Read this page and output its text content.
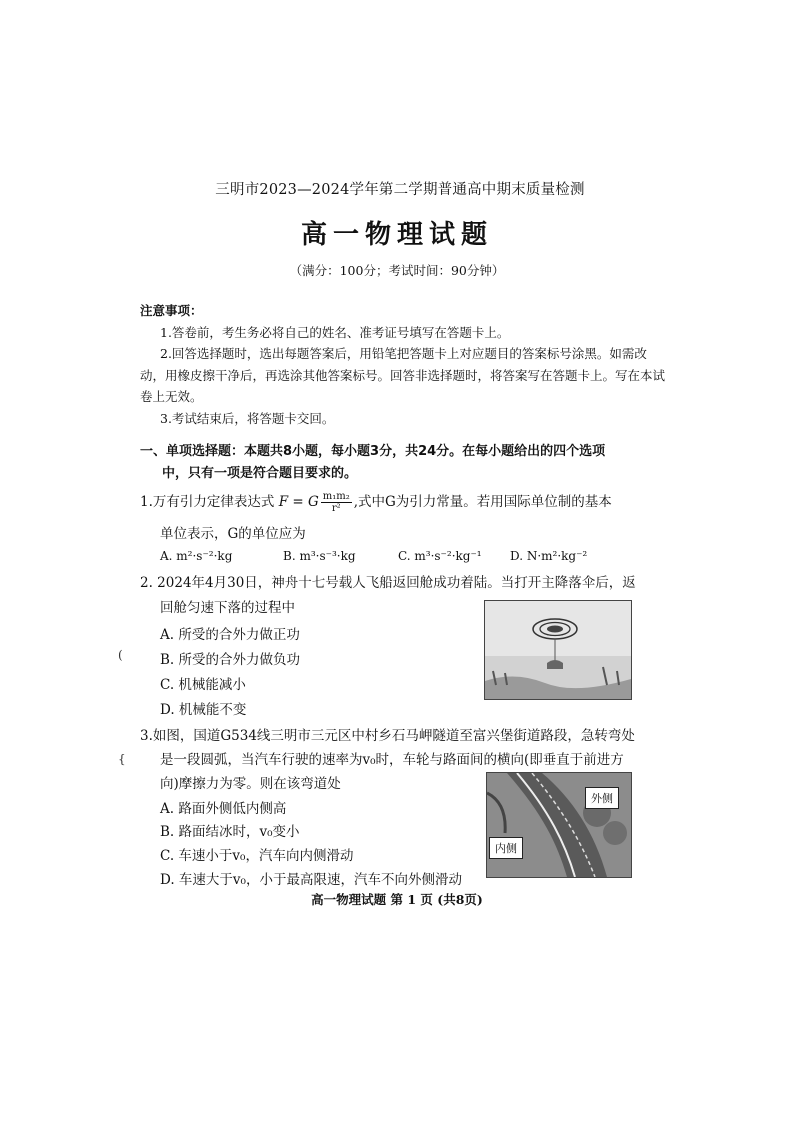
三明市2023—2024学年第二学期普通高中期末质量检测
高一物理试题
（满分：100分；考试时间：90分钟）
注意事项：

1.答卷前，考生务必将自己的姓名、准考证号填写在答题卡上。

2.回答选择题时，选出每题答案后，用铅笔把答题卡上对应题目的答案标号涂黑。如需改动，用橡皮擦干净后，再选涂其他答案标号。回答非选择题时，将答案写在答题卡上。写在本试卷上无效。

3.考试结束后，将答题卡交回。

一、单项选择题：本题共8小题，每小题3分，共24分。在每小题给出的四个选项
中，只有一项是符合题目要求的。
1.万有引力定律表达式 F = G $\frac{\text{m₁m₂}}{\text{r²}}$ ,式中G为引力常量。若用国际单位制的基本
单位表示，G的单位应为
A. m²·s⁻²·kg	B. m³·s⁻³·kg	C. m³·s⁻²·kg⁻¹ D. N·m²·kg⁻²
2. 2024年4月30日，神舟十七号载人飞船返回舱成功着陆。当打开主降落伞后，返
回舱匀速下落的过程中
A. 所受的合外力做正功
B. 所受的合外力做负功
C. 机械能减小
D. 机械能不变
3.如图，国道G534线三明市三元区中村乡石马岬隧道至富兴堡街道路段，急转弯处
是一段圆弧，当汽车行驶的速率为v₀时，车轮与路面间的横向(即垂直于前进方
向)摩擦力为零。则在该弯道处
A. 路面外侧低内侧高
B. 路面结冰时，v₀变小
C. 车速小于v₀，汽车向内侧滑动
D. 车速大于v₀，小于最高限速，汽车不向外侧滑动
外侧
内侧
高一物理试题 第 1 页 (共8页)
(
{
